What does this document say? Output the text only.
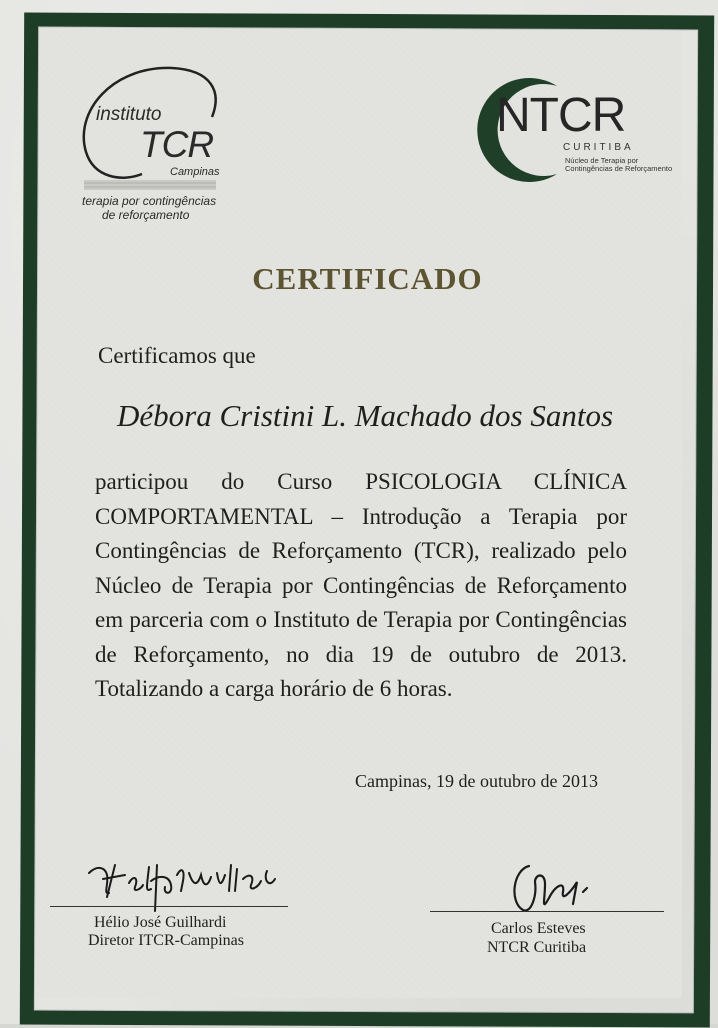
instituto
TCR
Campinas
terapia por contingências
de reforçamento
NTCR
CURITIBA
Núcleo de Terapia por
Contingências de Reforçamento
CERTIFICADO
Certificamos que
Débora Cristini L. Machado dos Santos
participou do Curso PSICOLOGIA CLÍNICA COMPORTAMENTAL – Introdução a Terapia por Contingências de Reforçamento (TCR), realizado pelo Núcleo de Terapia por Contingências de Reforçamento em parceria com o Instituto de Terapia por Contingências de Reforçamento, no dia 19 de outubro de 2013. Totalizando a carga horário de 6 horas.
Campinas, 19 de outubro de 2013
Hélio José Guilhardi
Diretor ITCR-Campinas
Carlos Esteves
NTCR Curitiba
